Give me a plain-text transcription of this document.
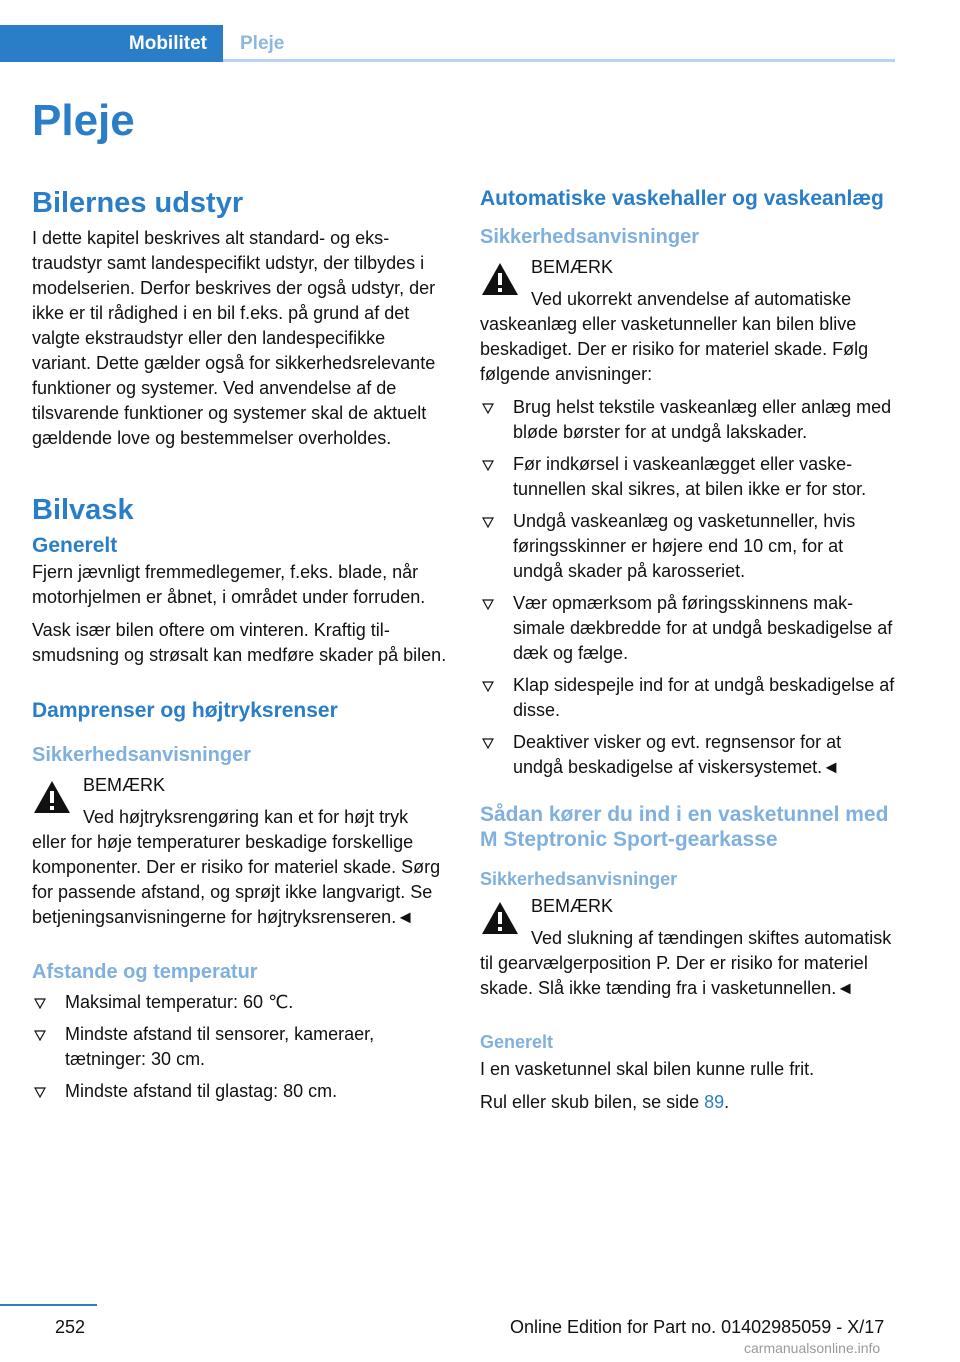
Mobilitet	Pleje
Pleje
Bilernes udstyr

I dette kapitel beskrives alt standard- og ekstraudstyr samt landespecifikt udstyr, der tilbydes i modelserien. Derfor beskrives der også udstyr, der ikke er til rådighed i en bil f.eks. på grund af det valgte ekstraudstyr eller den landespecifikke variant. Dette gælder også for sikkerhedsrelevante funktioner og systemer. Ved anvendelse af de tilsvarende funktioner og systemer skal de aktuelt gældende love og bestemmelser overholdes.

Bilvask
Generelt

Fjern jævnligt fremmedlegemer, f.eks. blade, når motorhjelmen er åbnet, i området under forruden.

Vask især bilen oftere om vinteren. Kraftig tilsmudsning og strøsalt kan medføre skader på bilen.

Damprenser og højtryksrenser
Sikkerhedsanvisninger
BEMÆRK
Ved højtryksrengøring kan et for højt tryk eller for høje temperaturer beskadige forskellige komponenter. Der er risiko for materiel skade. Sørg for passende afstand, og sprøjt ikke langvarigt. Se betjeningsanvisningerne for højtryksrenseren.◄
Afstande og temperatur
Maksimal temperatur: 60 ℃.
Mindste afstand til sensorer, kameraer, tætninger: 30 cm.
Mindste afstand til glastag: 80 cm.
Automatiske vaskehaller og vaskeanlæg
Sikkerhedsanvisninger
BEMÆRK
Ved ukorrekt anvendelse af automatiske vaskeanlæg eller vasketunneller kan bilen blive beskadiget. Der er risiko for materiel skade. Følg følgende anvisninger:
Brug helst tekstile vaskeanlæg eller anlæg med bløde børster for at undgå lakskader.
Før indkørsel i vaskeanlægget eller vasketunnellen skal sikres, at bilen ikke er for stor.
Undgå vaskeanlæg og vasketunneller, hvis føringsskinner er højere end 10 cm, for at undgå skader på karosseriet.
Vær opmærksom på føringsskinnens maksimale dækbredde for at undgå beskadigelse af dæk og fælge.
Klap sidespejle ind for at undgå beskadigelse af disse.
Deaktiver visker og evt. regnsensor for at undgå beskadigelse af viskersystemet.◄
Sådan kører du ind i en vasketunnel med M Steptronic Sport-gearkasse
Sikkerhedsanvisninger
BEMÆRK
Ved slukning af tændingen skiftes automatisk til gearvælgerposition P. Der er risiko for materiel skade. Slå ikke tænding fra i vasketunnellen.◄
Generelt

I en vasketunnel skal bilen kunne rulle frit.

Rul eller skub bilen, se side 89.

252	Online Edition for Part no. 01402985059 - X/17
carmanualsonline.info
